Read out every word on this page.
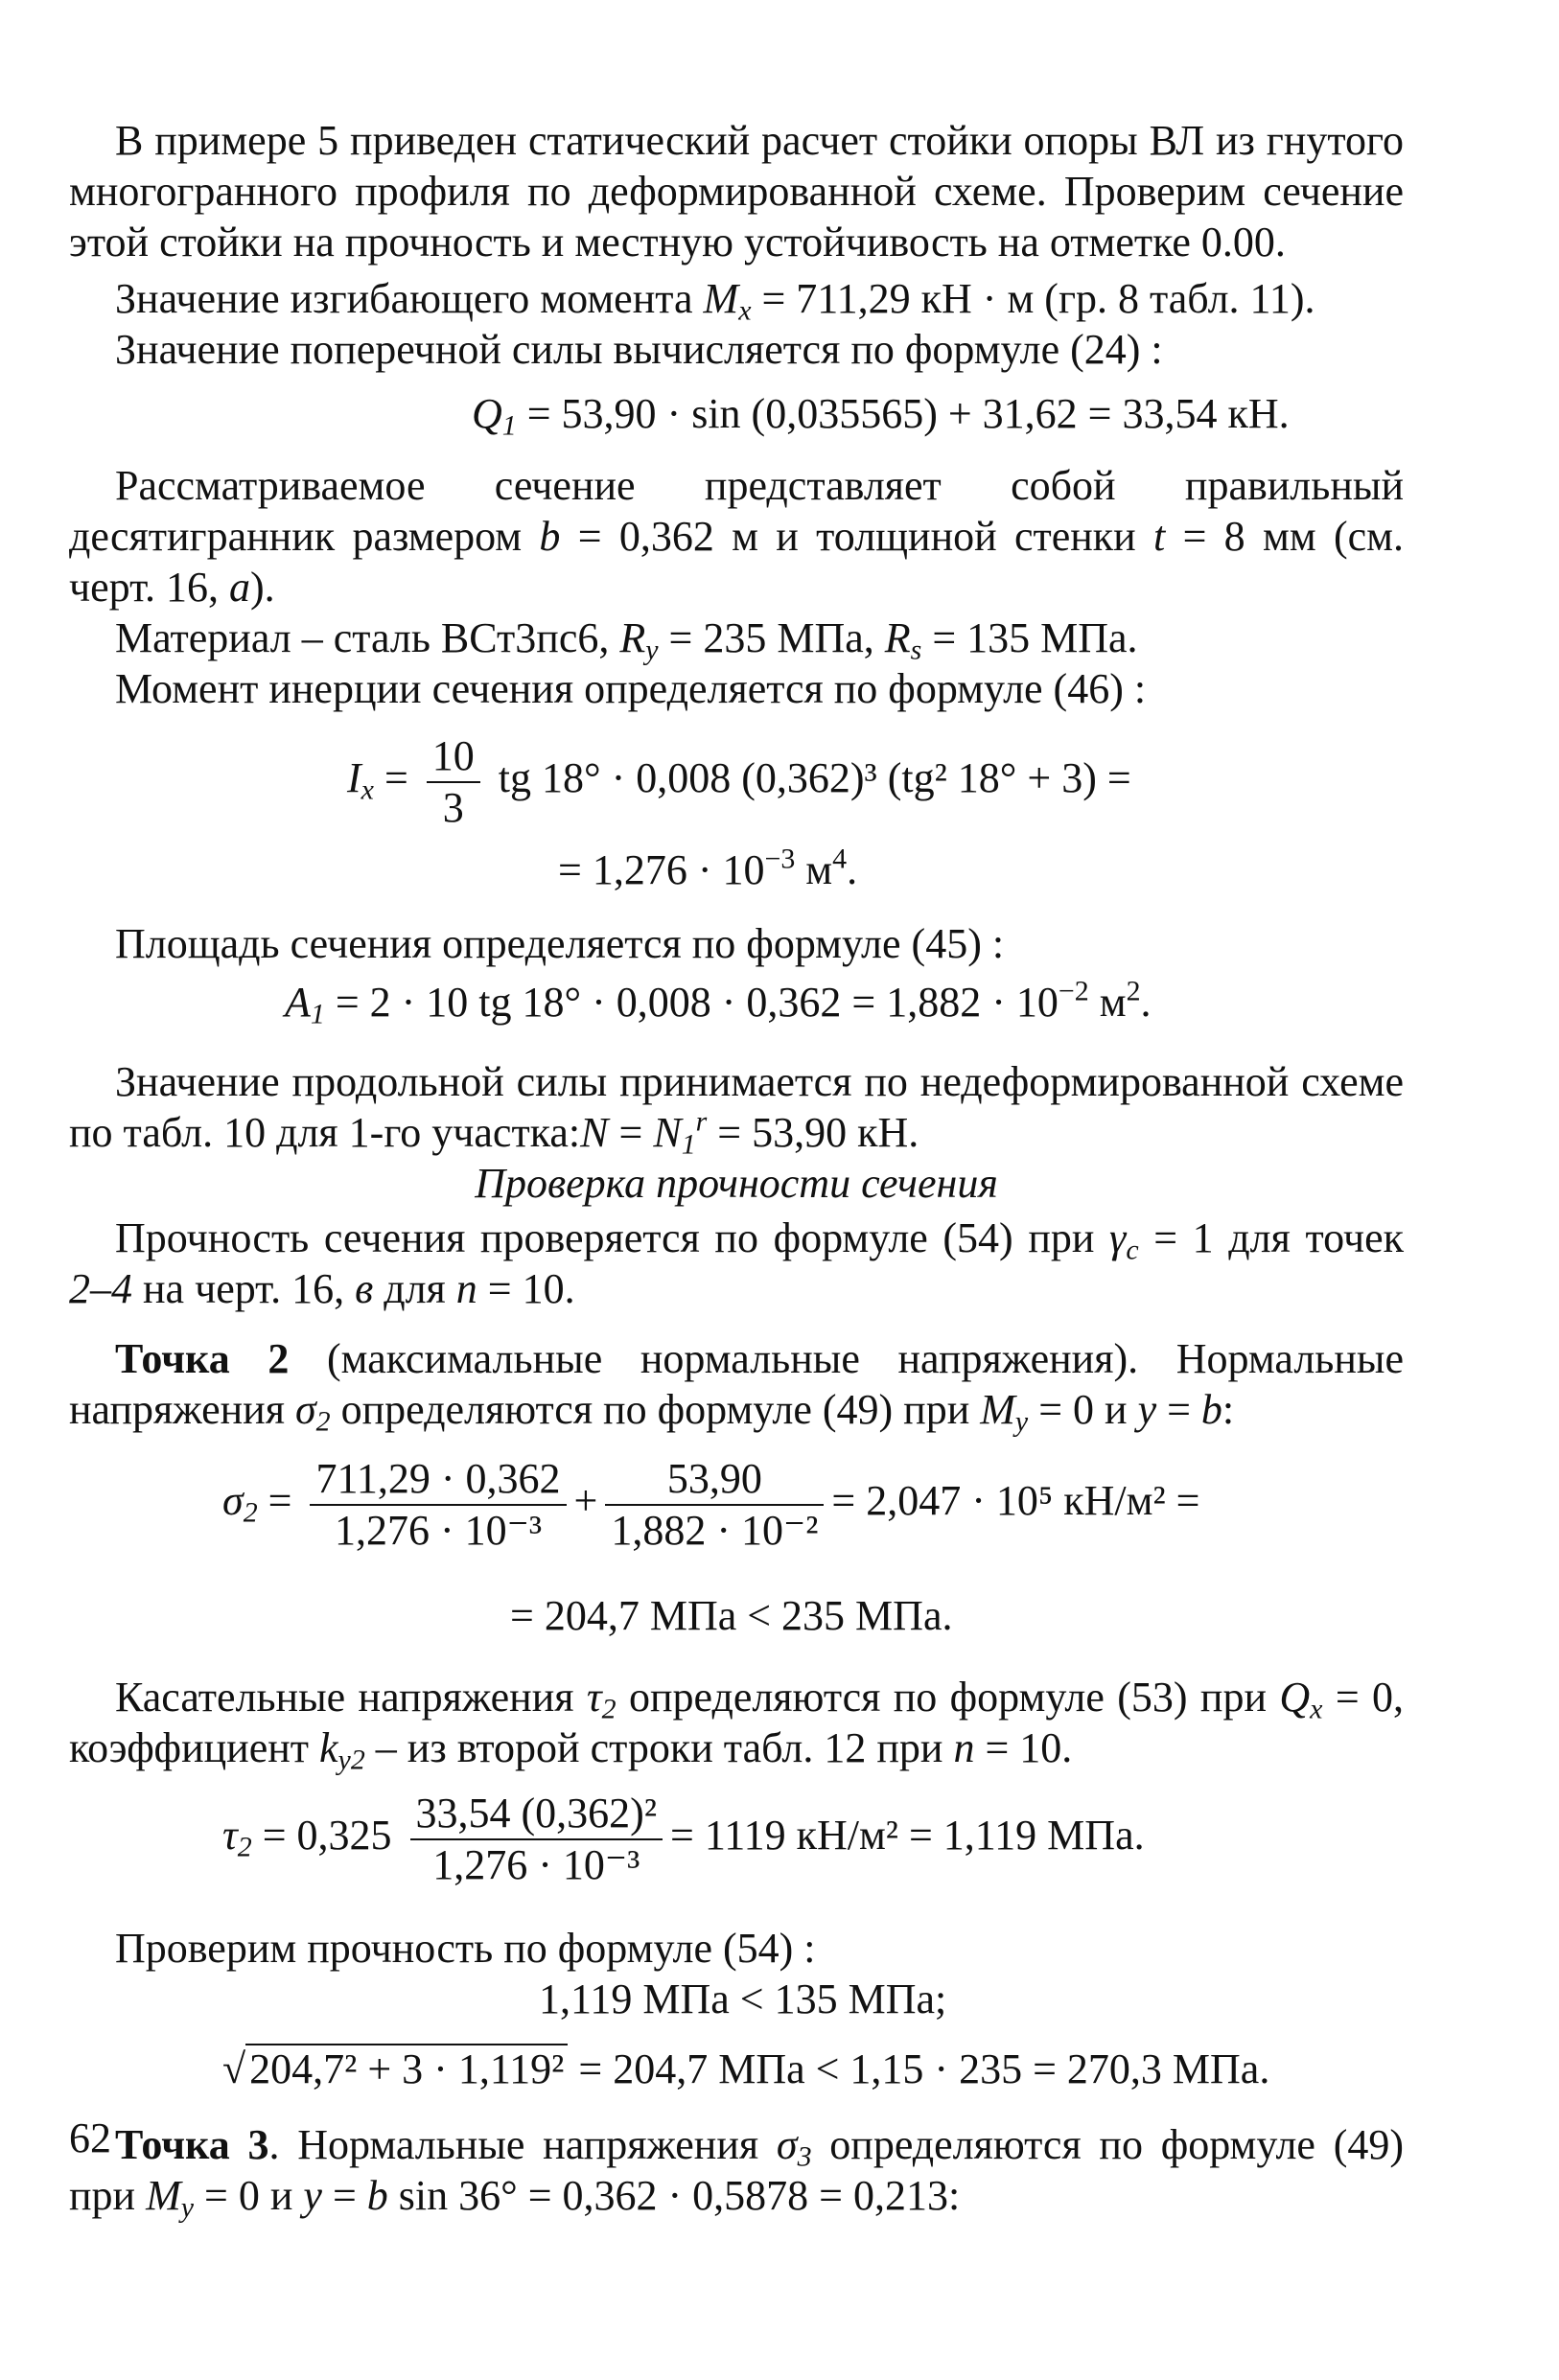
В примере 5 приведен статический расчет стойки опоры ВЛ из гнутого многогранного профиля по деформированной схеме. Проверим сечение этой стойки на прочность и местную устойчивость на отметке 0.00.

Значение изгибающего момента $M_x = 711,29$ кН · м (гр. 8 табл. 11).

Значение поперечной силы вычисляется по формуле (24) :

$Q_1 = 53,90 \cdot \sin (0,035565) + 31,62 = 33,54$ кН.

Рассматриваемое сечение представляет собой правильный десятигранник размером b = 0,362 м и толщиной стенки t = 8 мм (см. черт. 16, а).

Материал – сталь ВСт3пс6, $R_y = 235$ МПа, $R_s = 135$ МПа.

Момент инерции сечения определяется по формуле (46) :

$I_x = \frac{10}{3}$ tg 18° · 0,008 (0,362)³ (tg² 18° + 3) =

= $1,276 \cdot 10^{-3}$ $м^4$.

Площадь сечения определяется по формуле (45) :

$A_1 = 2 \cdot 10$ tg $18^\circ \cdot 0,008 \cdot 0,362 = 1,882 \cdot 10^{-2}$ $м^2$.

Значение продольной силы принимается по недеформированной схеме по табл. 10 для 1-го участка:N = $N_1^r = 53,90$ кН.

Проверка прочности сечения

Прочность сечения проверяется по формуле (54) при $\gamma_c = 1$ для точек 2–4 на черт. 16, в для n = 10.

Точка 2 (максимальные нормальные напряжения). Нормальные напряжения $\sigma_2$ определяются по формуле (49) при $M_y = 0$ и y = b:

$\sigma_2 = \frac{711,29 \cdot 0,362}{\text{1,276 · 10⁻³}} + \frac{53,90}{\text{1,882 · 10⁻²}} = 2,047 \cdot 10^5$ кН/м² =

= 204,7 МПа < 235 МПа.

Касательные напряжения $\tau_2$ определяются по формуле (53) при $Q_x = 0$, коэффициент $k_{y2}$ – из второй строки табл. 12 при n = 10.

$\tau_2 = 0,325 \frac{\text{33,54 (0,362)²}}{\text{1,276 · 10⁻³}} = 1119$ кН/м² = 1,119 МПа.

Проверим прочность по формуле (54) :

1,119 МПа < 135 МПа;

√204,7² + 3 · 1,119² = 204,7 МПа < 1,15 · 235 = 270,3 МПа.

Точка 3. Нормальные напряжения $\sigma_3$ определяются по формуле (49) при $M_y = 0$ и y = b sin 36° = 0,362 · 0,5878 = 0,213:

62
